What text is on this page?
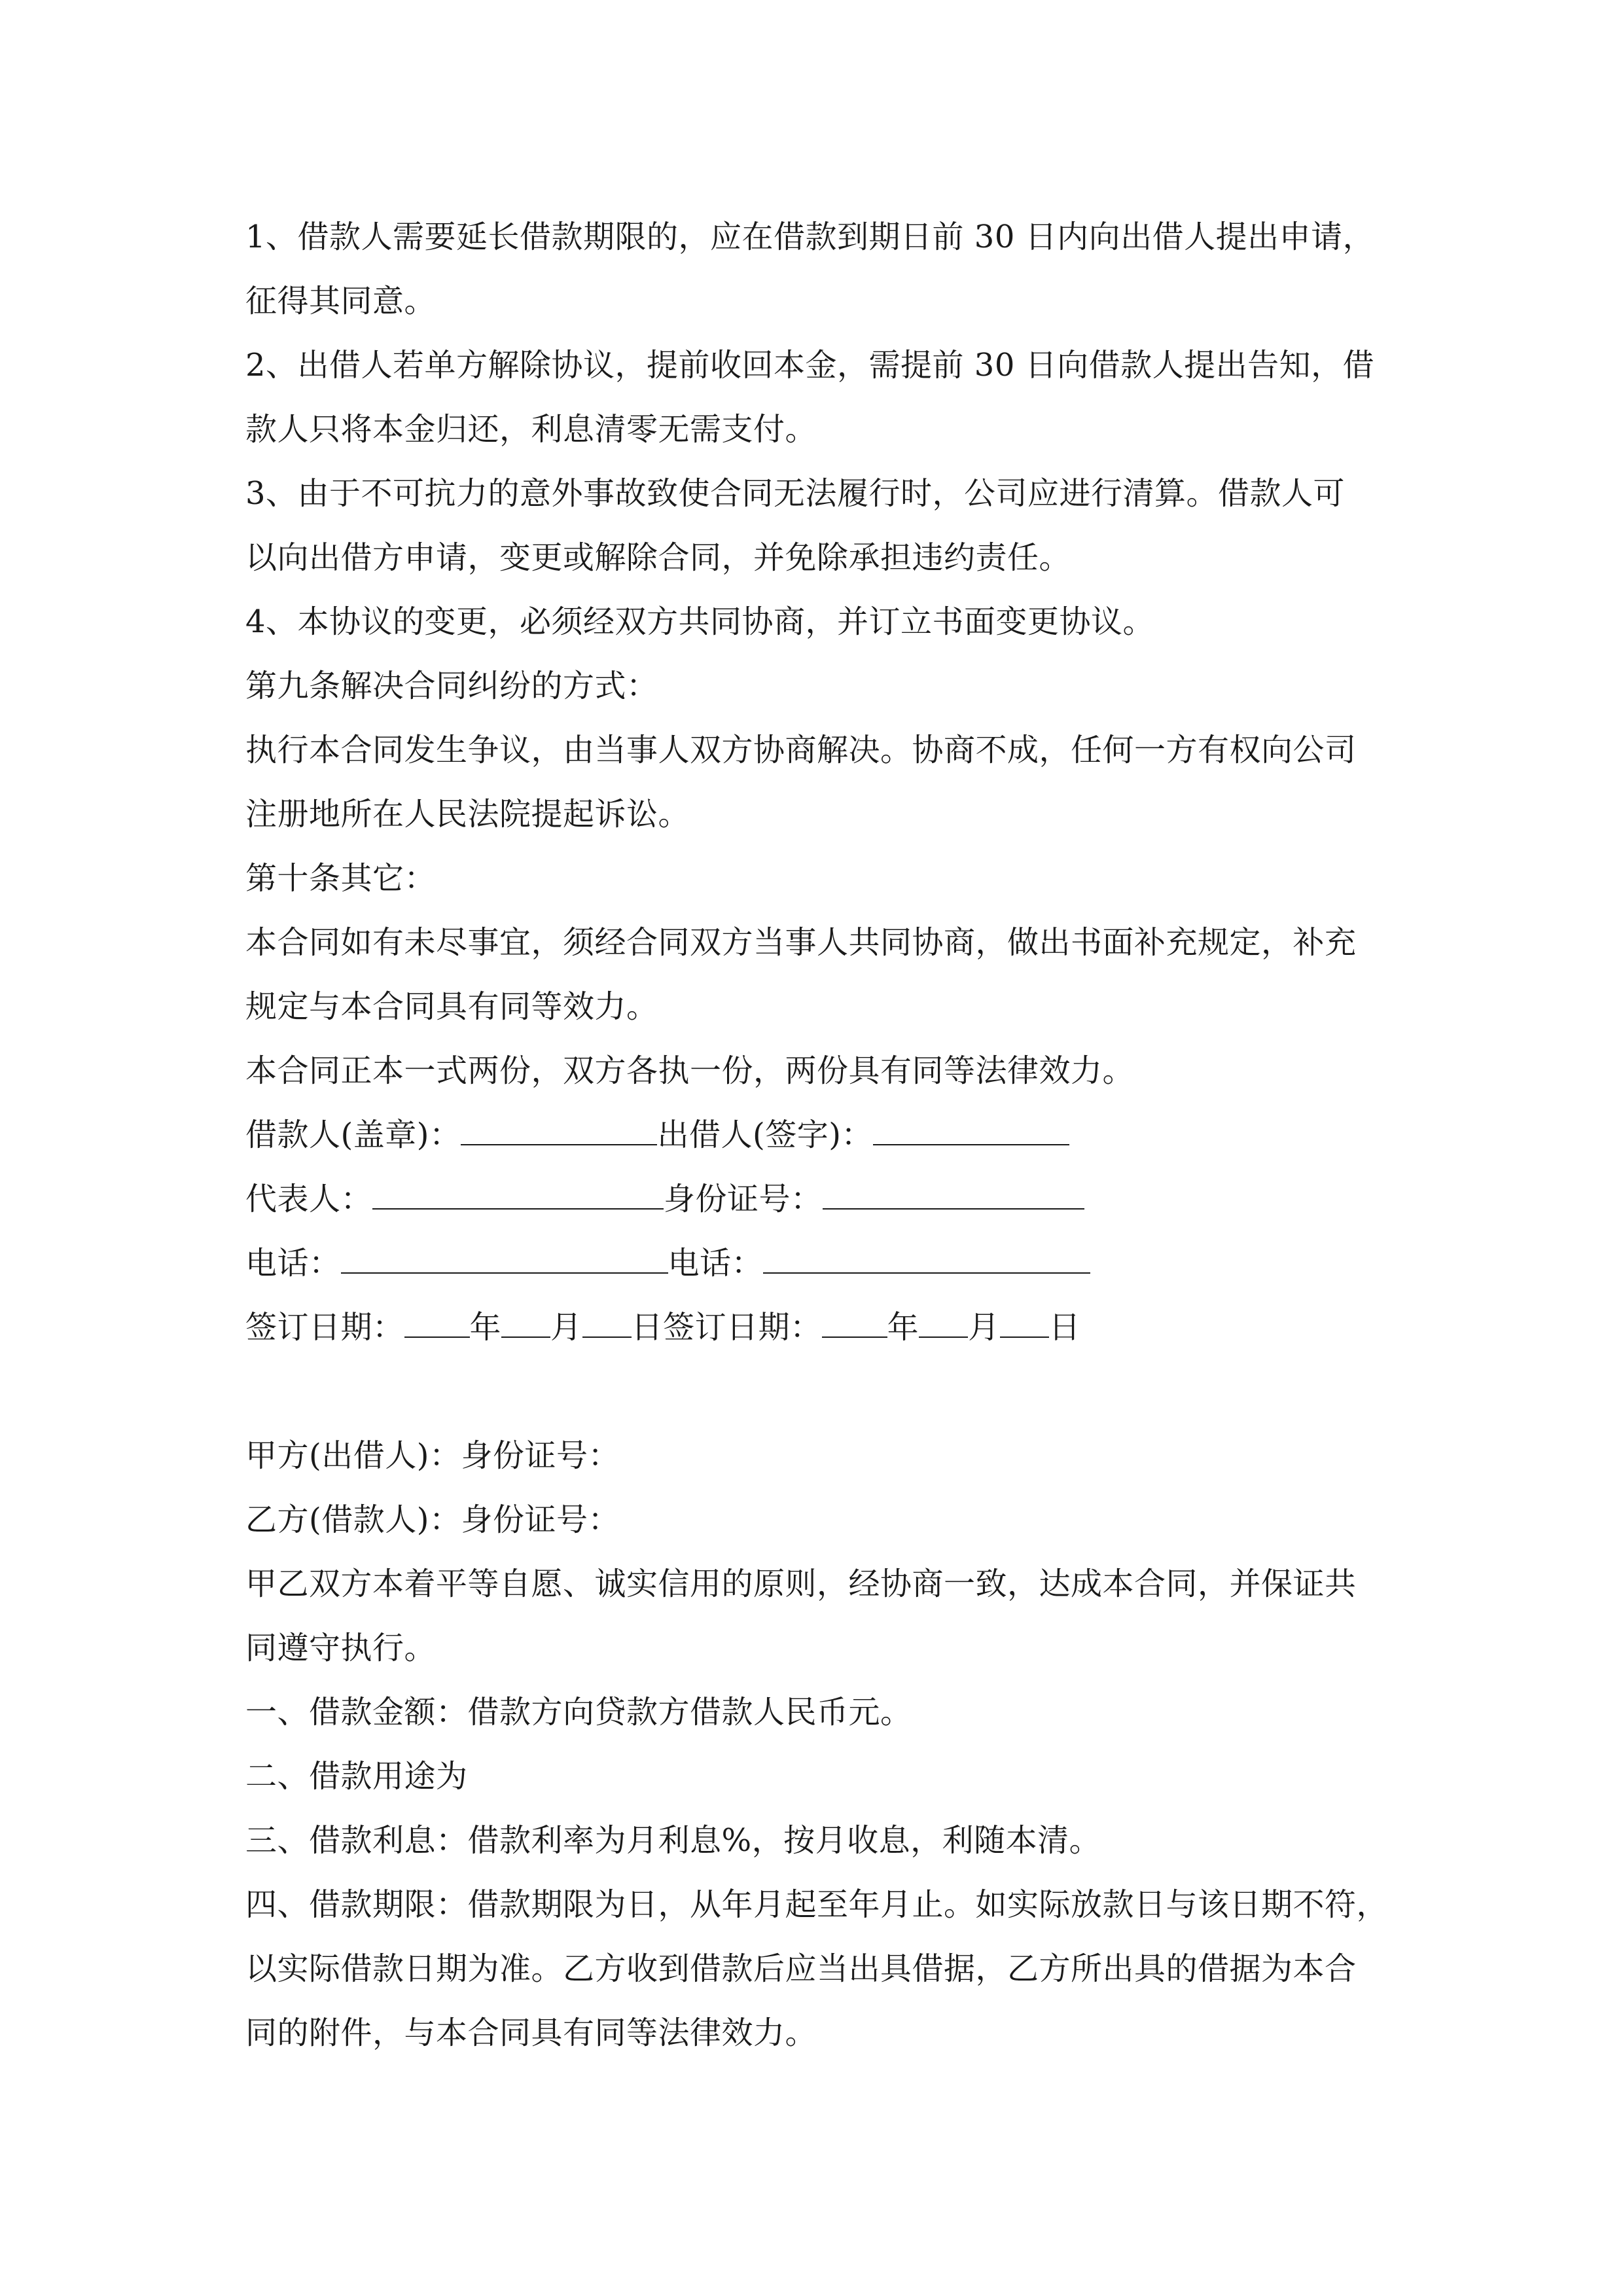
1、借款人需要延长借款期限的，应在借款到期日前 30 日内向出借人提出申请，
征得其同意。
2、出借人若单方解除协议，提前收回本金，需提前 30 日向借款人提出告知，借
款人只将本金归还，利息清零无需支付。
3、由于不可抗力的意外事故致使合同无法履行时，公司应进行清算。借款人可
以向出借方申请，变更或解除合同，并免除承担违约责任。
4、本协议的变更，必须经双方共同协商，并订立书面变更协议。
第九条解决合同纠纷的方式：
执行本合同发生争议，由当事人双方协商解决。协商不成，任何一方有权向公司
注册地所在人民法院提起诉讼。
第十条其它：
本合同如有未尽事宜，须经合同双方当事人共同协商，做出书面补充规定，补充
规定与本合同具有同等效力。
本合同正本一式两份，双方各执一份，两份具有同等法律效力。
借款人(盖章)：	出借人(签字)：
代表人：	身份证号：
电话：	电话：
签订日期： 年 月 日签订日期： 年 月 日
甲方(出借人)：身份证号：
乙方(借款人)：身份证号：
甲乙双方本着平等自愿、诚实信用的原则，经协商一致，达成本合同，并保证共
同遵守执行。
一、借款金额：借款方向贷款方借款人民币元。
二、借款用途为
三、借款利息：借款利率为月利息%，按月收息，利随本清。
四、借款期限：借款期限为日，从年月起至年月止。如实际放款日与该日期不符，
以实际借款日期为准。乙方收到借款后应当出具借据，乙方所出具的借据为本合
同的附件，与本合同具有同等法律效力。
